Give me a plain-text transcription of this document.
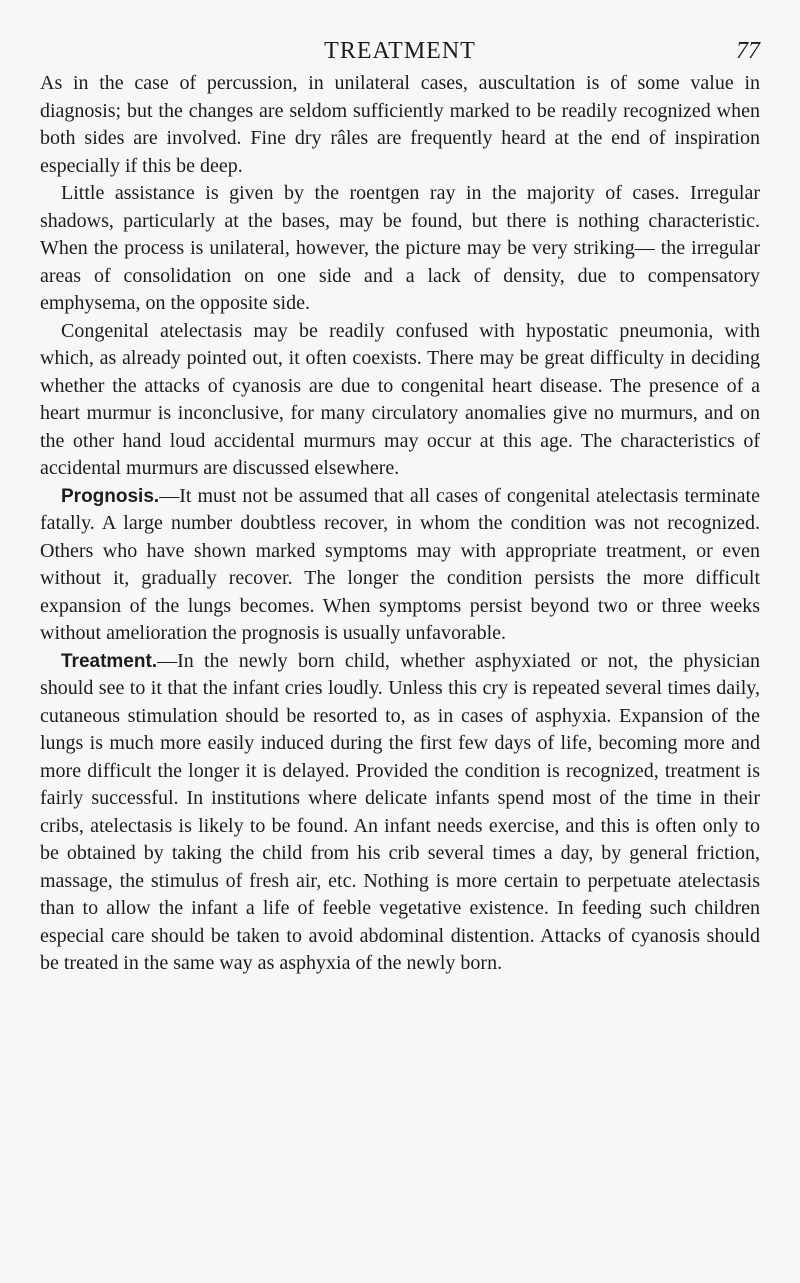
TREATMENT	77

As in the case of percussion, in unilateral cases, auscultation is of some value in diagnosis; but the changes are seldom sufficiently marked to be readily recognized when both sides are involved. Fine dry râles are frequently heard at the end of inspiration especially if this be deep.

Little assistance is given by the roentgen ray in the majority of cases. Irregular shadows, particularly at the bases, may be found, but there is nothing characteristic. When the process is unilateral, however, the picture may be very striking— the irregular areas of consolidation on one side and a lack of density, due to compensatory emphysema, on the opposite side.

Congenital atelectasis may be readily confused with hypostatic pneumonia, with which, as already pointed out, it often coexists. There may be great difficulty in deciding whether the attacks of cyanosis are due to congenital heart disease. The presence of a heart murmur is inconclusive, for many circulatory anomalies give no murmurs, and on the other hand loud accidental murmurs may occur at this age. The characteristics of accidental murmurs are discussed elsewhere.

Prognosis.—It must not be assumed that all cases of congenital atelectasis terminate fatally. A large number doubtless recover, in whom the condition was not recognized. Others who have shown marked symptoms may with appropriate treatment, or even without it, gradually recover. The longer the condition persists the more difficult expansion of the lungs becomes. When symptoms persist beyond two or three weeks without amelioration the prognosis is usually unfavorable.

Treatment.—In the newly born child, whether asphyxiated or not, the physician should see to it that the infant cries loudly. Unless this cry is repeated several times daily, cutaneous stimulation should be resorted to, as in cases of asphyxia. Expansion of the lungs is much more easily induced during the first few days of life, becoming more and more difficult the longer it is delayed. Provided the condition is recognized, treatment is fairly successful. In institutions where delicate infants spend most of the time in their cribs, atelectasis is likely to be found. An infant needs exercise, and this is often only to be obtained by taking the child from his crib several times a day, by general friction, massage, the stimulus of fresh air, etc. Nothing is more certain to perpetuate atelectasis than to allow the infant a life of feeble vegetative existence. In feeding such children especial care should be taken to avoid abdominal distention. Attacks of cyanosis should be treated in the same way as asphyxia of the newly born.
